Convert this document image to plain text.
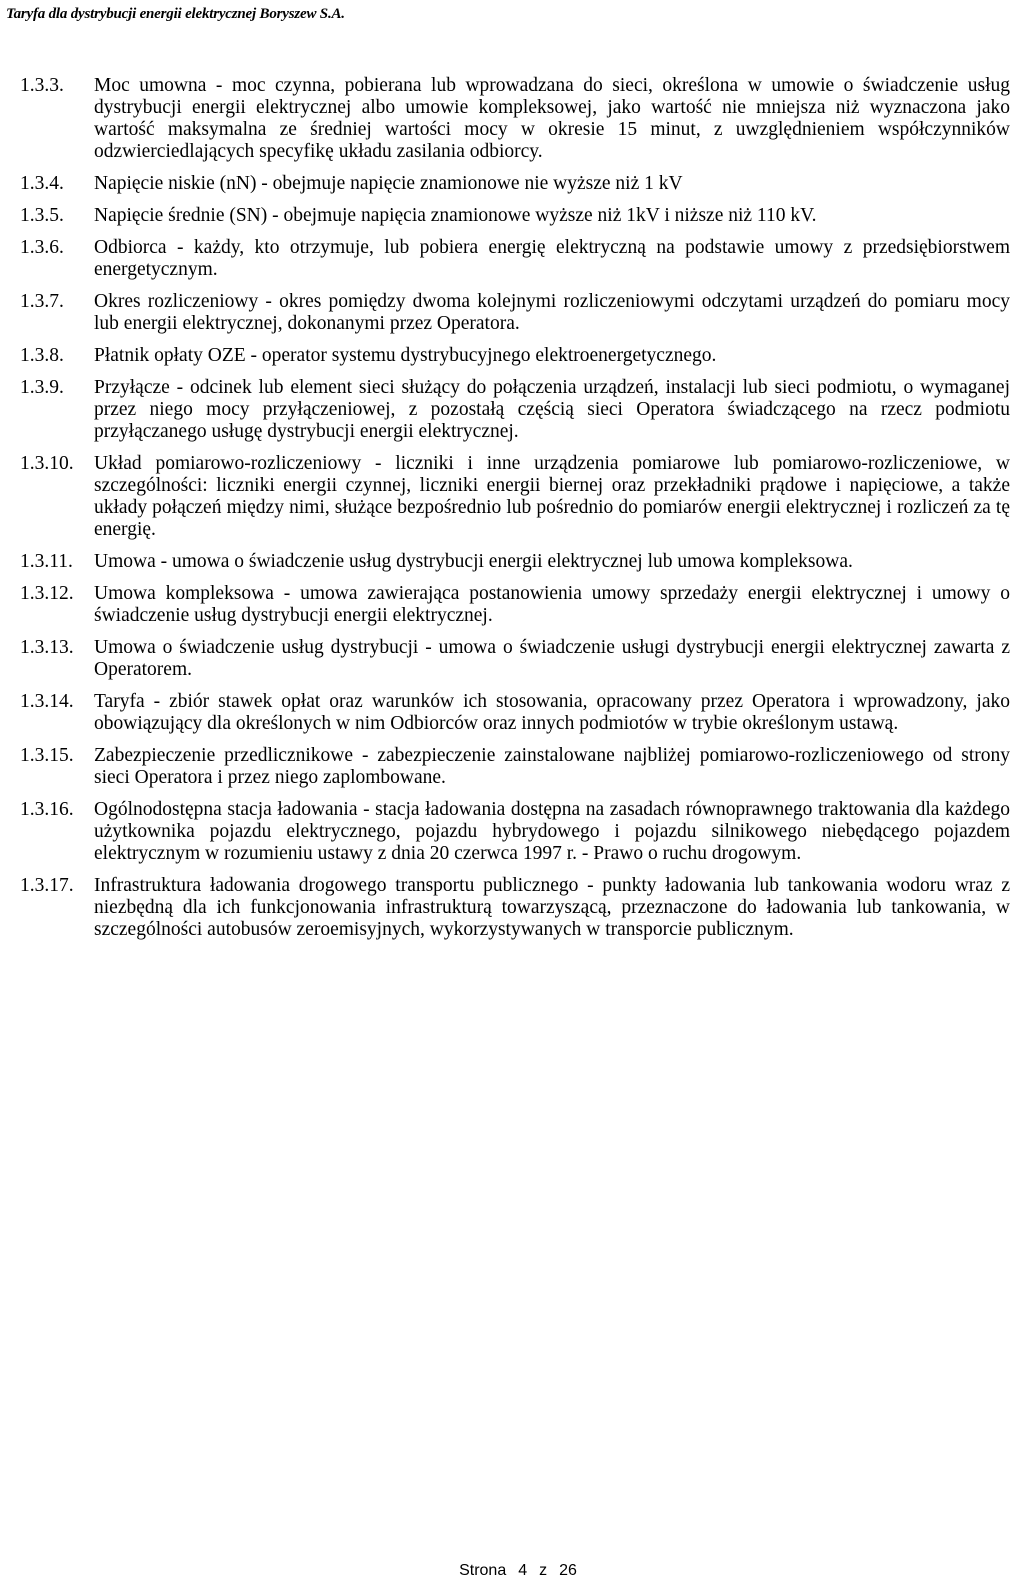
Taryfa dla dystrybucji energii elektrycznej Boryszew S.A.
1.3.3.	Moc umowna - moc czynna, pobierana lub wprowadzana do sieci, określona w umowie o świadczenie usług dystrybucji energii elektrycznej albo umowie kompleksowej, jako wartość nie mniejsza niż wyznaczona jako wartość maksymalna ze średniej wartości mocy w okresie 15 minut, z uwzględnieniem współczynników odzwierciedlających specyfikę układu zasilania odbiorcy.
1.3.4.	Napięcie niskie (nN) - obejmuje napięcie znamionowe nie wyższe niż 1 kV
1.3.5.	Napięcie średnie (SN) - obejmuje napięcia znamionowe wyższe niż 1kV i niższe niż 110 kV.
1.3.6.	Odbiorca - każdy, kto otrzymuje, lub pobiera energię elektryczną na podstawie umowy z przedsiębiorstwem energetycznym.
1.3.7.	Okres rozliczeniowy - okres pomiędzy dwoma kolejnymi rozliczeniowymi odczytami urządzeń do pomiaru mocy lub energii elektrycznej, dokonanymi przez Operatora.
1.3.8.	Płatnik opłaty OZE - operator systemu dystrybucyjnego elektroenergetycznego.
1.3.9.	Przyłącze - odcinek lub element sieci służący do połączenia urządzeń, instalacji lub sieci podmiotu, o wymaganej przez niego mocy przyłączeniowej, z pozostałą częścią sieci Operatora świadczącego na rzecz podmiotu przyłączanego usługę dystrybucji energii elektrycznej.
1.3.10.	Układ pomiarowo-rozliczeniowy - liczniki i inne urządzenia pomiarowe lub pomiarowo-rozliczeniowe, w szczególności: liczniki energii czynnej, liczniki energii biernej oraz przekładniki prądowe i napięciowe, a także układy połączeń między nimi, służące bezpośrednio lub pośrednio do pomiarów energii elektrycznej i rozliczeń za tę energię.
1.3.11.	Umowa - umowa o świadczenie usług dystrybucji energii elektrycznej lub umowa kompleksowa.
1.3.12.	Umowa kompleksowa - umowa zawierająca postanowienia umowy sprzedaży energii elektrycznej i umowy o świadczenie usług dystrybucji energii elektrycznej.
1.3.13.	Umowa o świadczenie usług dystrybucji - umowa o świadczenie usługi dystrybucji energii elektrycznej zawarta z Operatorem.
1.3.14.	Taryfa - zbiór stawek opłat oraz warunków ich stosowania, opracowany przez Operatora i wprowadzony, jako obowiązujący dla określonych w nim Odbiorców oraz innych podmiotów w trybie określonym ustawą.
1.3.15.	Zabezpieczenie przedlicznikowe - zabezpieczenie zainstalowane najbliżej pomiarowo-rozliczeniowego od strony sieci Operatora i przez niego zaplombowane.
1.3.16.	Ogólnodostępna stacja ładowania - stacja ładowania dostępna na zasadach równoprawnego traktowania dla każdego użytkownika pojazdu elektrycznego, pojazdu hybrydowego i pojazdu silnikowego niebędącego pojazdem elektrycznym w rozumieniu ustawy z dnia 20 czerwca 1997 r. - Prawo o ruchu drogowym.
1.3.17.	Infrastruktura ładowania drogowego transportu publicznego - punkty ładowania lub tankowania wodoru wraz z niezbędną dla ich funkcjonowania infrastrukturą towarzyszącą, przeznaczone do ładowania lub tankowania, w szczególności autobusów zeroemisyjnych, wykorzystywanych w transporcie publicznym.
Strona 4 z 26
